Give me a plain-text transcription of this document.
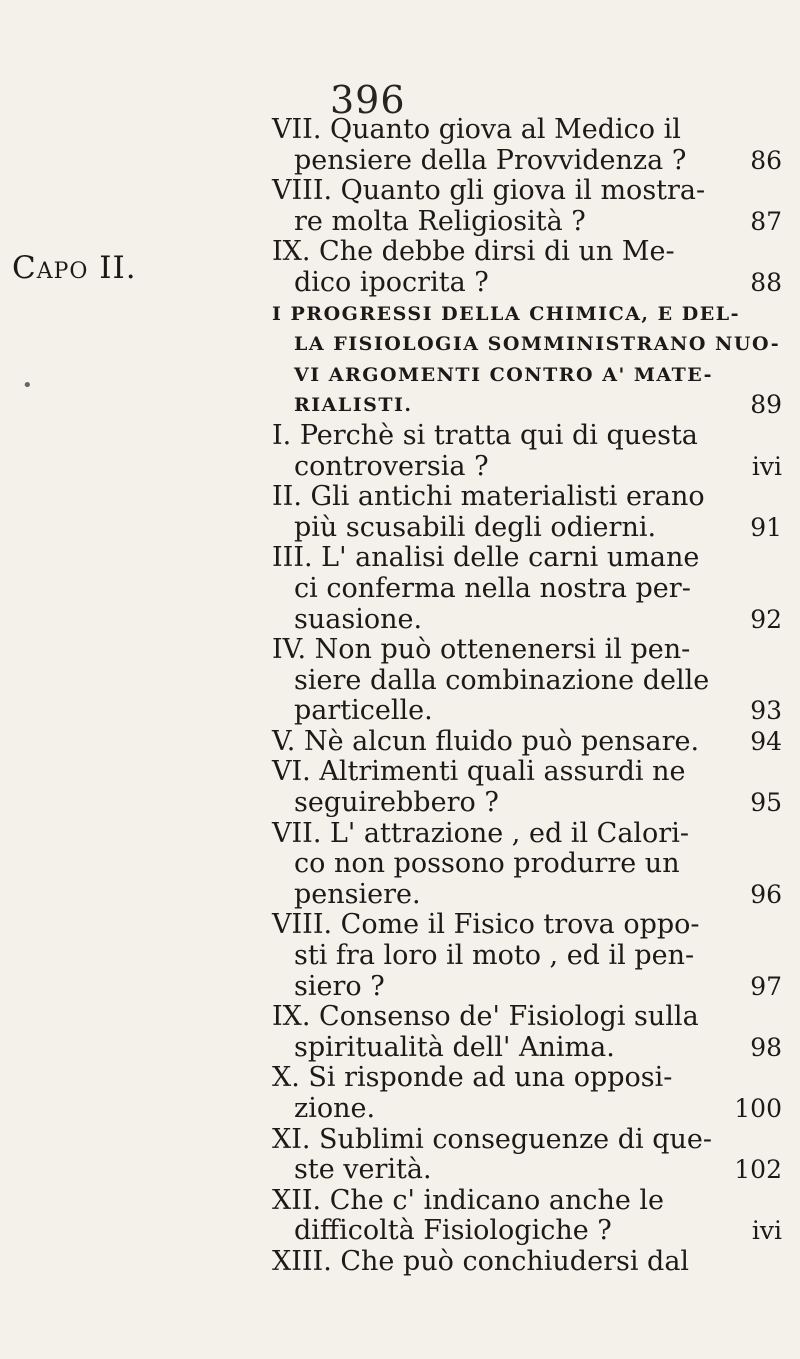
396
Capo II.
•
VII. Quanto giova al Medico il
pensiere della Provvidenza ?	86
VIII. Quanto gli giova il mostra-
re molta Religiosità ?	87
IX. Che debbe dirsi di un Me-
dico ipocrita ?	88
I PROGRESSI DELLA CHIMICA, E DEL-
LA FISIOLOGIA SOMMINISTRANO NUO-
VI ARGOMENTI CONTRO A' MATE-
RIALISTI.	89
I. Perchè si tratta qui di questa
controversia ?	ivi
II. Gli antichi materialisti erano
più scusabili degli odierni.	91
III. L' analisi delle carni umane
ci conferma nella nostra per-
suasione.	92
IV. Non può ottenenersi il pen-
siere dalla combinazione delle
particelle.	93
V. Nè alcun fluido può pensare. 94
VI. Altrimenti quali assurdi ne
seguirebbero ?	95
VII. L' attrazione , ed il Calori-
co non possono produrre un
pensiere.	96
VIII. Come il Fisico trova oppo-
sti fra loro il moto , ed il pen-
siero ?	97
IX. Consenso de' Fisiologi sulla
spiritualità dell' Anima.	98
X. Si risponde ad una opposi-
zione.	100
XI. Sublimi conseguenze di que-
ste verità.	102
XII. Che c' indicano anche le
difficoltà Fisiologiche ?	ivi
XIII. Che può conchiudersi dal
